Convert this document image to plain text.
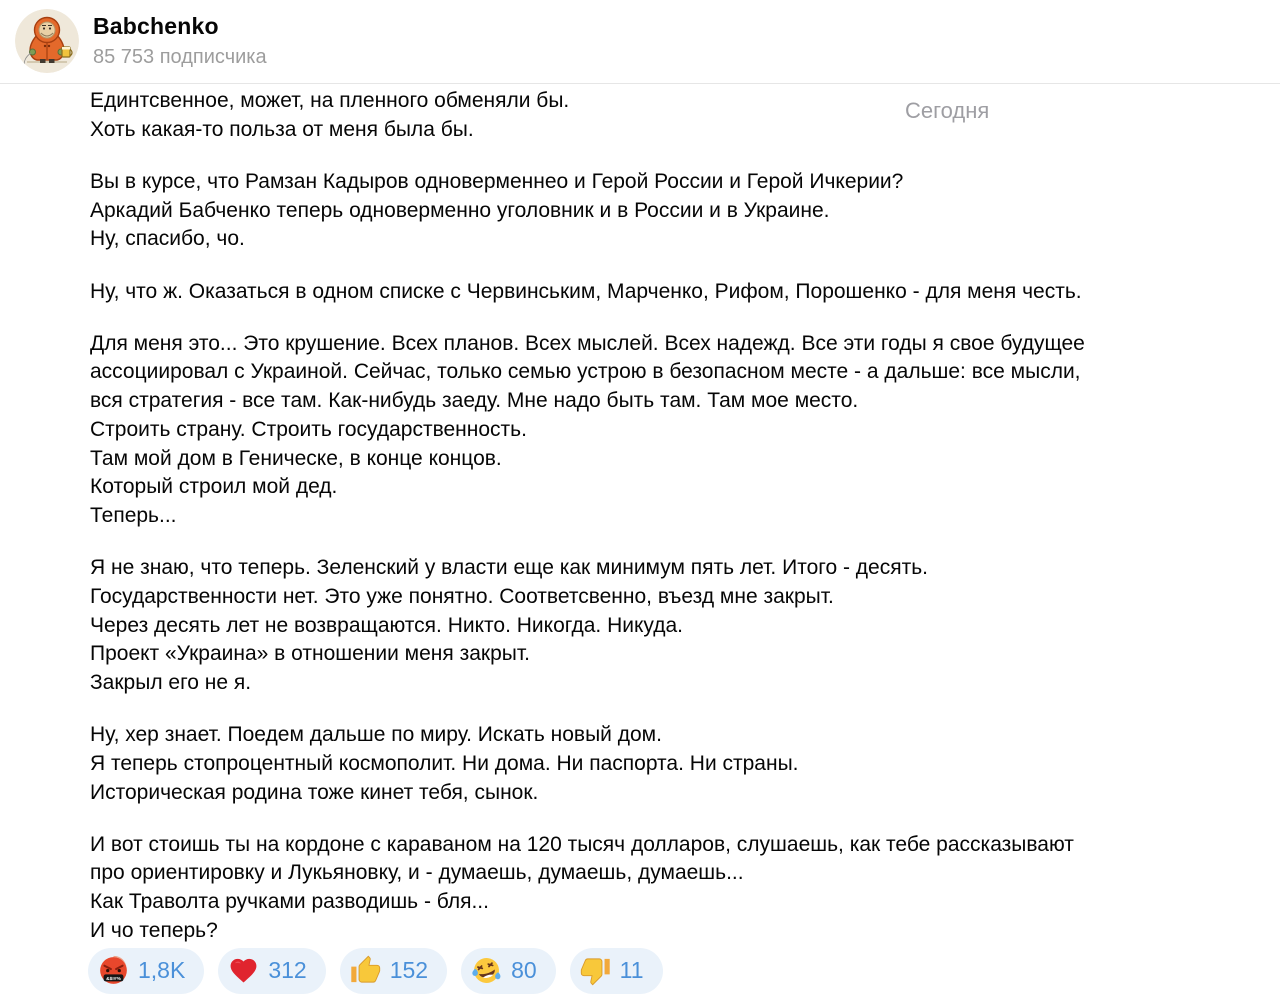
Babchenko
85 753 подписчика
Сегодня
Единтсвенное, может, на пленного обменяли бы.
Хоть какая-то польза от меня была бы.
Вы в курсе, что Рамзан Кадыров одноверменнео и Герой России и Герой Ичкерии?
Аркадий Бабченко теперь одноверменно уголовник и в России и в Украине.
Ну, спасибо, чо.
Ну, что ж. Оказаться в одном списке с Червинським, Марченко, Рифом, Порошенко - для меня честь.
Для меня это... Это крушение. Всех планов. Всех мыслей. Всех надежд. Все эти годы я свое будущее
ассоциировал с Украиной. Сейчас, только семью устрою в безопасном месте - а дальше: все мысли,
вся стратегия - все там. Как-нибудь заеду. Мне надо быть там. Там мое место.
Строить страну. Строить государственность.
Там мой дом в Геническе, в конце концов.
Который строил мой дед.
Теперь...
Я не знаю, что теперь. Зеленский у власти еще как минимум пять лет. Итого - десять.
Государственности нет. Это уже понятно. Соответсвенно, въезд мне закрыт.
Через десять лет не возвращаются. Никто. Никогда. Никуда.
Проект «Украина» в отношении меня закрыт.
Закрыл его не я.
Ну, хер знает. Поедем дальше по миру. Искать новый дом.
Я теперь стопроцентный космополит. Ни дома. Ни паспорта. Ни страны.
Историческая родина тоже кинет тебя, сынок.
И вот стоишь ты на кордоне с караваном на 120 тысяч долларов, слушаешь, как тебе рассказывают
про ориентировку и Лукьяновку, и - думаешь, думаешь, думаешь...
Как Траволта ручками разводишь - бля...
И чо теперь?
&$!#% 1,8K	312	152	80	11
